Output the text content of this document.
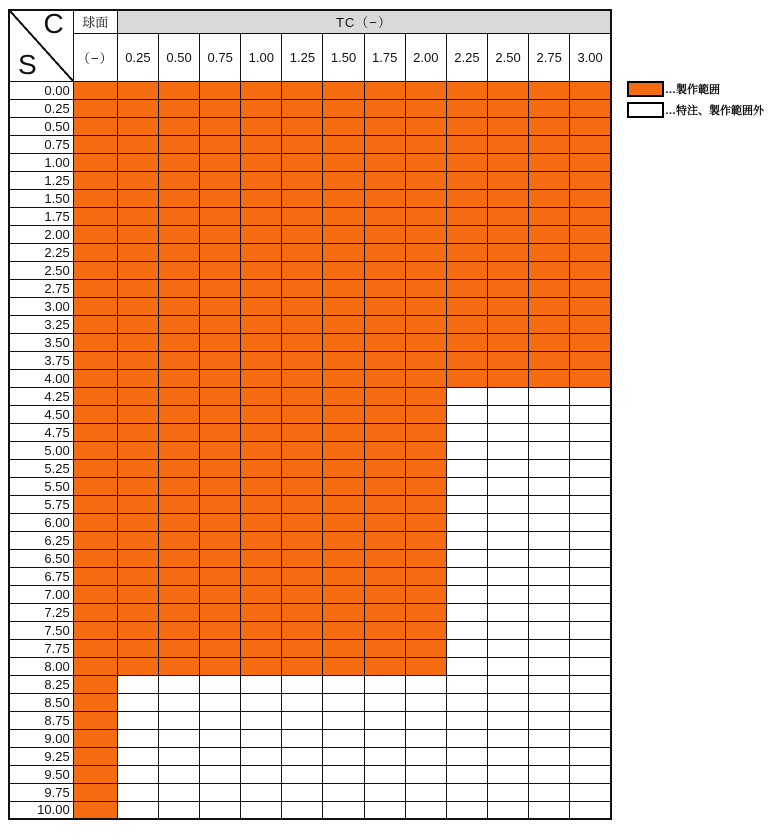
C
S	球面	TC（−）											
	（−）	0.25	0.50	0.75	1.00	1.25	1.50	1.75	2.00	2.25	2.50	2.75	3.00
0.00													
0.25													
0.50													
0.75													
1.00													
1.25													
1.50													
1.75													
2.00													
2.25													
2.50													
2.75													
3.00													
3.25													
3.50													
3.75													
4.00													
4.25													
4.50													
4.75													
5.00													
5.25													
5.50													
5.75													
6.00													
6.25													
6.50													
6.75													
7.00													
7.25													
7.50													
7.75													
8.00													
8.25													
8.50													
8.75													
9.00													
9.25													
9.50													
9.75													
10.00													
…製作範囲
…特注、製作範囲外
